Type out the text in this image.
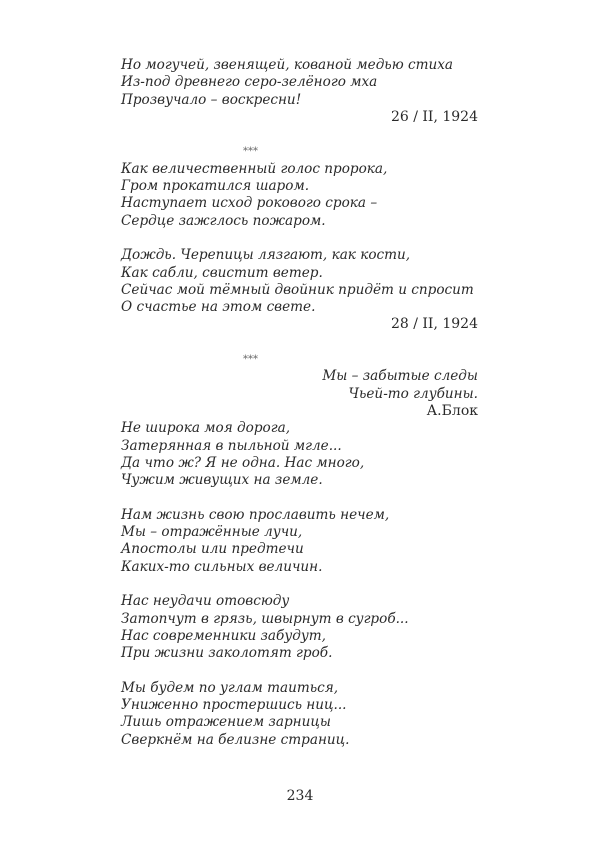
Но могучей, звенящей, кованой медью стиха
Из-под древнего серо-зелёного мха
Прозвучало – воскресни!
26 / II, 1924
***
Как величественный голос пророка,
Гром прокатился шаром.
Наступает исход рокового срока –
Сердце зажглось пожаром.
Дождь. Черепицы лязгают, как кости,
Как сабли, свистит ветер.
Сейчас мой тёмный двойник придёт и спросит
О счастье на этом свете.
28 / II, 1924
***
Мы – забытые следы
Чьей-то глубины.
А.Блок
Не широка моя дорога,
Затерянная в пыльной мгле...
Да что ж? Я не одна. Нас много,
Чужим живущих на земле.
Нам жизнь свою прославить нечем,
Мы – отражённые лучи,
Апостолы или предтечи
Каких-то сильных величин.
Нас неудачи отовсюду
Затопчут в грязь, швырнут в сугроб...
Нас современники забудут,
При жизни заколотят гроб.
Мы будем по углам таиться,
Униженно простершись ниц...
Лишь отражением зарницы
Сверкнём на белизне страниц.
234
